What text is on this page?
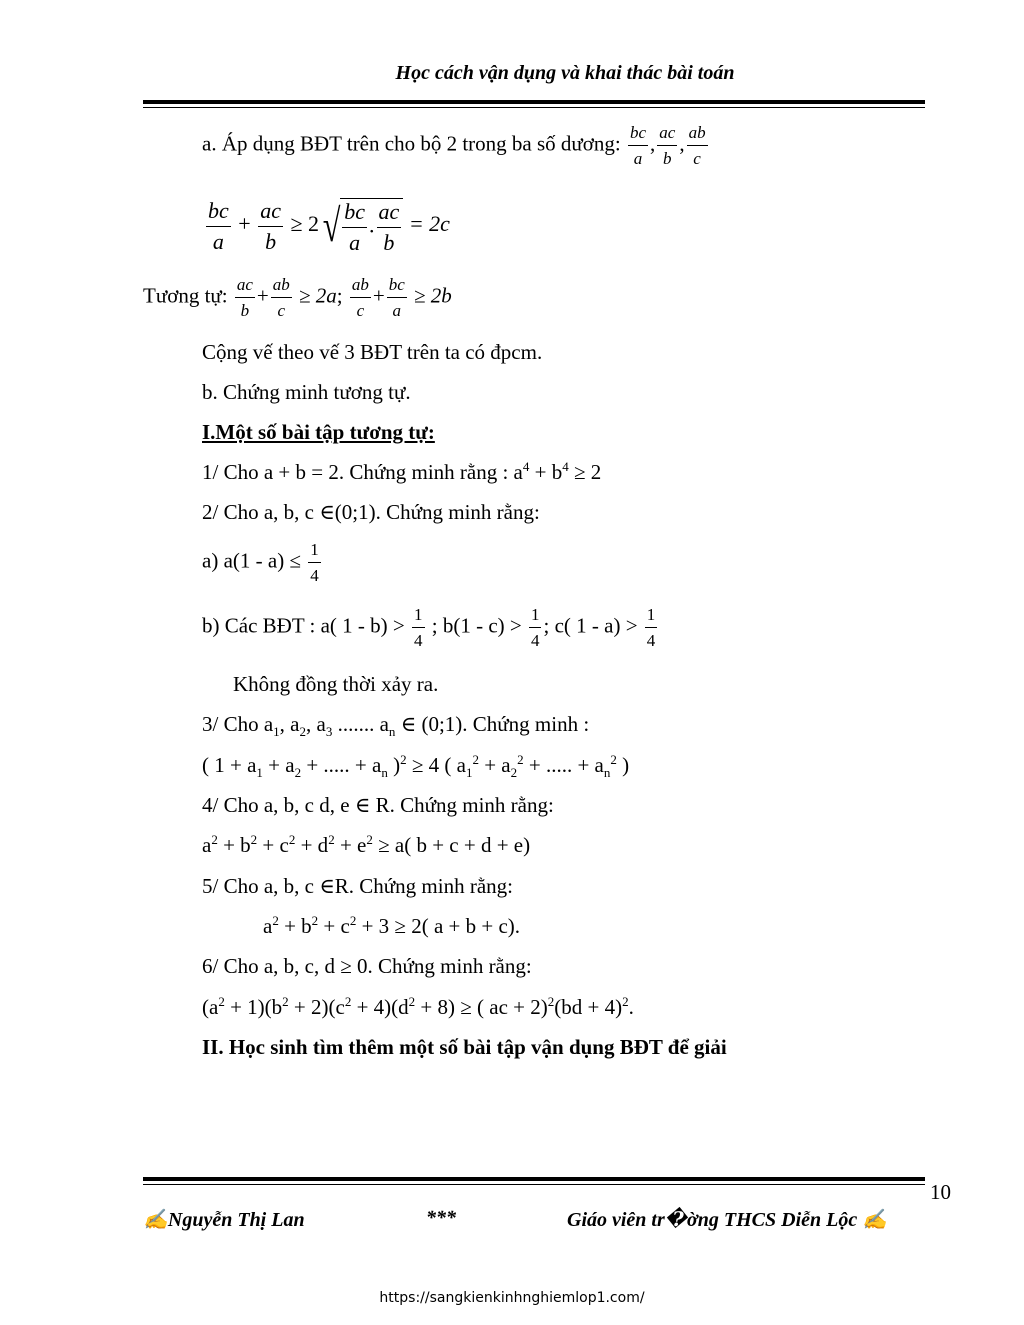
Học cách vận dụng và khai thác bài toán
a. Áp dụng BĐT trên cho bộ 2 trong ba số dương: $\frac{bc}{a}$ , $\frac{ac}{b}$ , $\frac{ab}{c}$
$\frac{bc}{a} + \frac{ac}{b} \ge 2√ \frac{bc}{a}$ . $\frac{ac}{b} = 2c$
Tương tự: $\frac{ac}{b} + \frac{ab}{c} \ge 2a$; $\frac{ab}{c} + \frac{bc}{a} \ge 2b$
Cộng vế theo vế 3 BĐT trên ta có đpcm.
b. Chứng minh tương tự.
I.Một số bài tập tương tự:
1/ Cho a + b = 2. Chứng minh rằng : $a^4 + b^4 \ge 2$
2/ Cho a, b, c ∈(0;1). Chứng minh rằng:
a) $a(1 - a) \le \frac{1}{4}$
b) Các BĐT : a( $1 - b) > \frac{1}{4}$ ; $b(1 - c) > \frac{1}{4}$ ; c( $1 - a) > \frac{1}{4}$
Không đồng thời xảy ra.
3/ Cho $a_1$, $a_2$, $a_3$ ....... $a_n$ ∈ (0;1). Chứng minh :
( $1 + a_1 + a_2$ + ..... + $a_n$ )$^2$ ≥ 4 ( $a_1^2 + a_2^2$ + ..... + $a_n^2$ )
4/ Cho a, b, c d, e ∈ R. Chứng minh rằng:
$a^2 + b^2 + c^2 + d^2 + e^2 \ge a$( b + c + d + e)
5/ Cho a, b, c ∈R. Chứng minh rằng:
$a^2 + b^2 + c^2 + 3 \ge 2$( a + b + c).
6/ Cho a, b, c, d ≥ 0. Chứng minh rằng:
$(a^2 + 1)(b^2 + 2)(c^2 + 4)(d^2 + 8)$ ≥ ( ac + 2)$^2$(bd + 4)$^2$.
II. Học sinh tìm thêm một số bài tập vận dụng BĐT để giải
10
✍Nguyễn Thị Lan	***	Giáo viên tr�ờng THCS Diễn Lộc ✍
https://sangkienkinhnghiemlop1.com/
